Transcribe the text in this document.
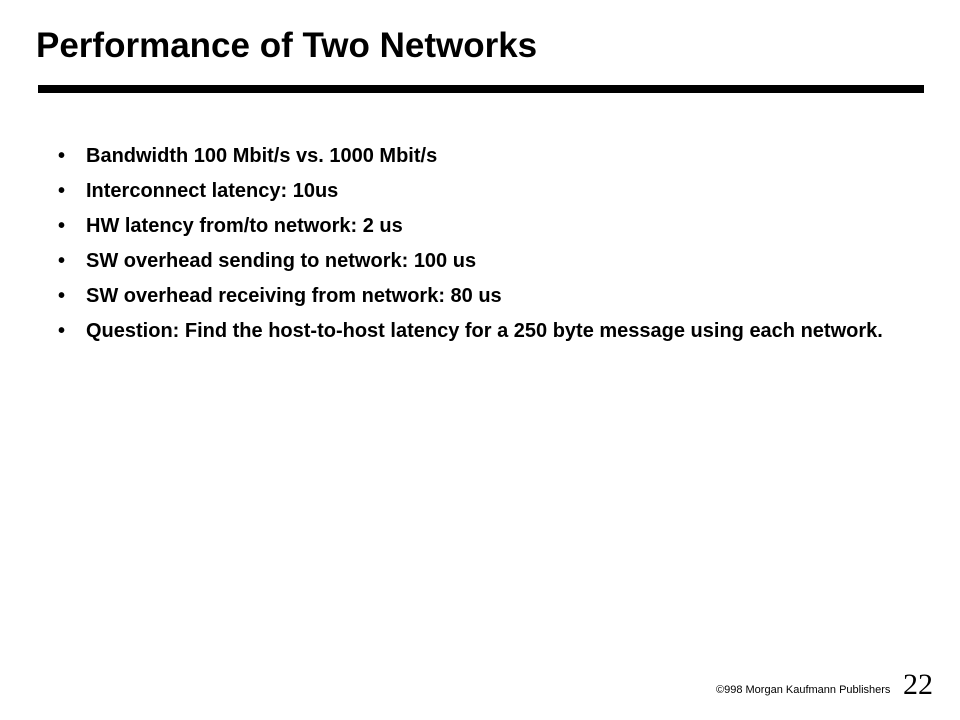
Performance of Two Networks
• Bandwidth 100 Mbit/s vs. 1000 Mbit/s
• Interconnect latency: 10us
• HW latency from/to network: 2 us
• SW overhead sending to network: 100 us
• SW overhead receiving from network: 80 us
• Question: Find the host-to-host latency for a 250 byte message using each network.
©998 Morgan Kaufmann Publishers 22
